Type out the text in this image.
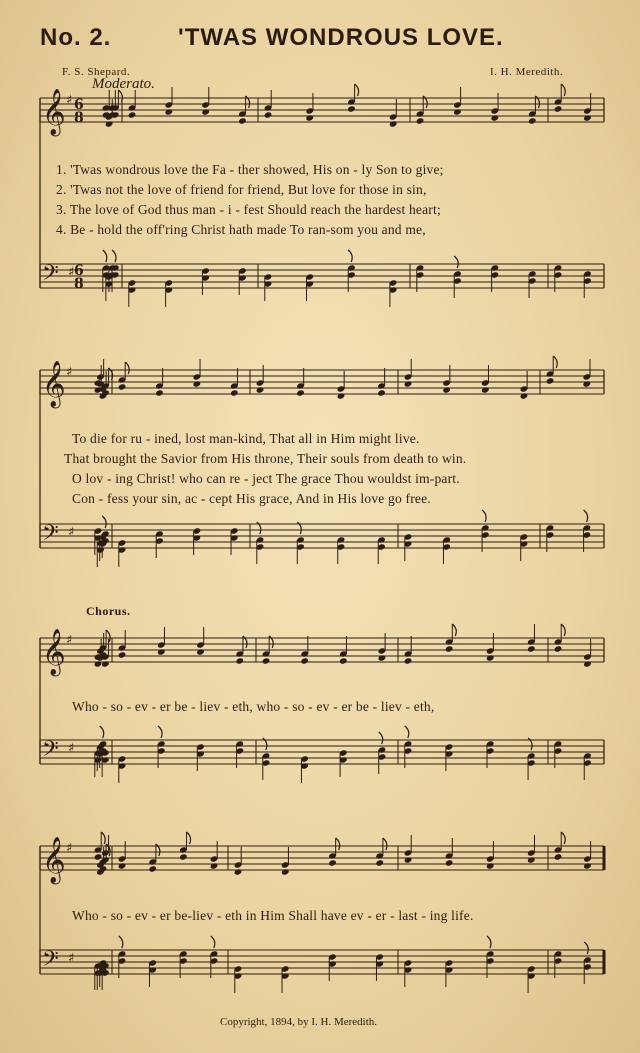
No. 2.	'TWAS WONDROUS LOVE.
F. S. Shepard.	I. H. Meredith.
Moderato.
𝄞 ♯ 6
8
𝄢 ♯ 6
8
𝄞 ♯
𝄢 ♯
𝄞 ♯
𝄢 ♯
𝄞 ♯
𝄢 ♯
1. 'Twas wondrous love the Fa - ther showed, His on - ly Son to give;
2. 'Twas not the love of friend for friend, But love for those in sin,
3. The love of God thus man - i - fest Should reach the hardest heart;
4. Be - hold the off'ring Christ hath made To ran-som you and me,
To die for ru - ined, lost man-kind, That all in Him might live.
That brought the Savior from His throne, Their souls from death to win.
O lov - ing Christ! who can re - ject The grace Thou wouldst im-part.
Con - fess your sin, ac - cept His grace, And in His love go free.
Chorus.
Who - so - ev - er be - liev - eth, who - so - ev - er be - liev - eth,
Who - so - ev - er be-liev - eth in Him Shall have ev - er - last - ing life.
Copyright, 1894, by I. H. Meredith.
